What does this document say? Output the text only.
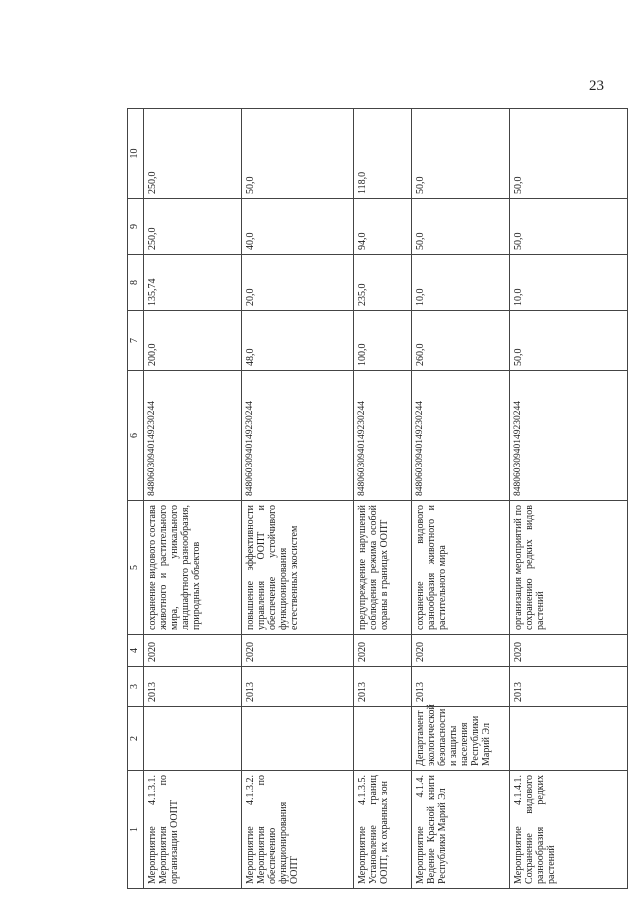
23
1	2	3	4	5	6	7	8	9	10
Мероприятие 4.1.3.1. Мероприятия по организации ООПТ		2013	2020	сохранение видового состава животного и растительного мира, уникального ландшафтного разнообразия, природных объектов	84806030940149230244	200,0	135,74	250,0	250,0
Мероприятие 4.1.3.2. Мероприятия по обеспечению функционирования ООПТ		2013	2020	повышение эффективности управления ООПТ и обеспечение устойчивого функционирования естественных экосистем	84806030940149230244	48,0	20,0	40,0	50,0
Мероприятие 4.1.3.5. Установление границ ООПТ, их охранных зон		2013	2020	предупреждение нарушений соблюдения режима особой охраны в границах ООПТ	84806030940149230244	100,0	235,0	94,0	118,0
Мероприятие 4.1.4. Ведение Красной книги Республики Марий Эл	Департамент экологической безопасности и защиты населения Республики Марий Эл	2013	2020	сохранение видового разнообразия животного и растительного мира	84806030940149230244	260,0	10,0	50,0	50,0
Мероприятие 4.1.4.1. Сохранение видового разнообразия редких растений		2013	2020	организация мероприятий по сохранению редких видов растений	84806030940149230244	50,0	10,0	50,0	50,0
